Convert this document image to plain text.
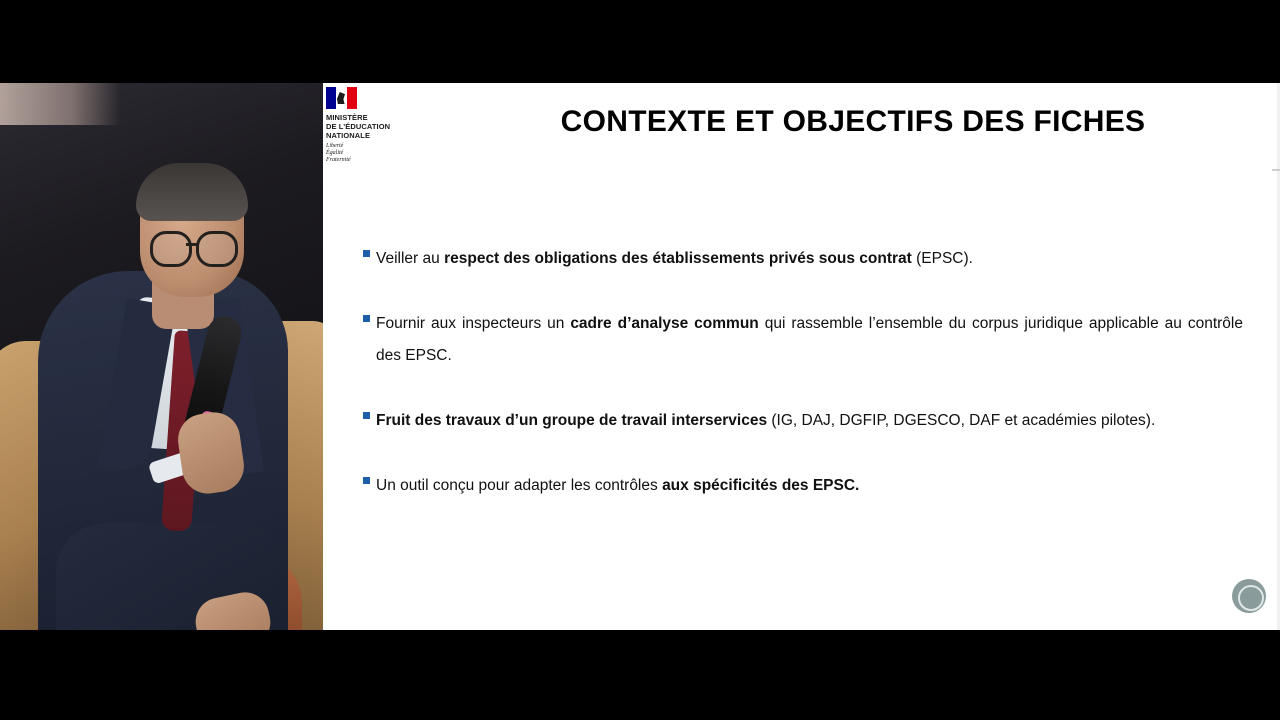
MINISTÈRE
DE L’ÉDUCATION
NATIONALE
Liberté
Égalité
Fraternité
CONTEXTE ET OBJECTIFS DES FICHES
Veiller au respect des obligations des établissements privés sous contrat (EPSC).
Fournir aux inspecteurs un cadre d’analyse commun qui rassemble l’ensemble du corpus juridique applicable au contrôle des EPSC.
Fruit des travaux d’un groupe de travail interservices (IG, DAJ, DGFIP, DGESCO, DAF et académies pilotes).
Un outil conçu pour adapter les contrôles aux spécificités des EPSC.
